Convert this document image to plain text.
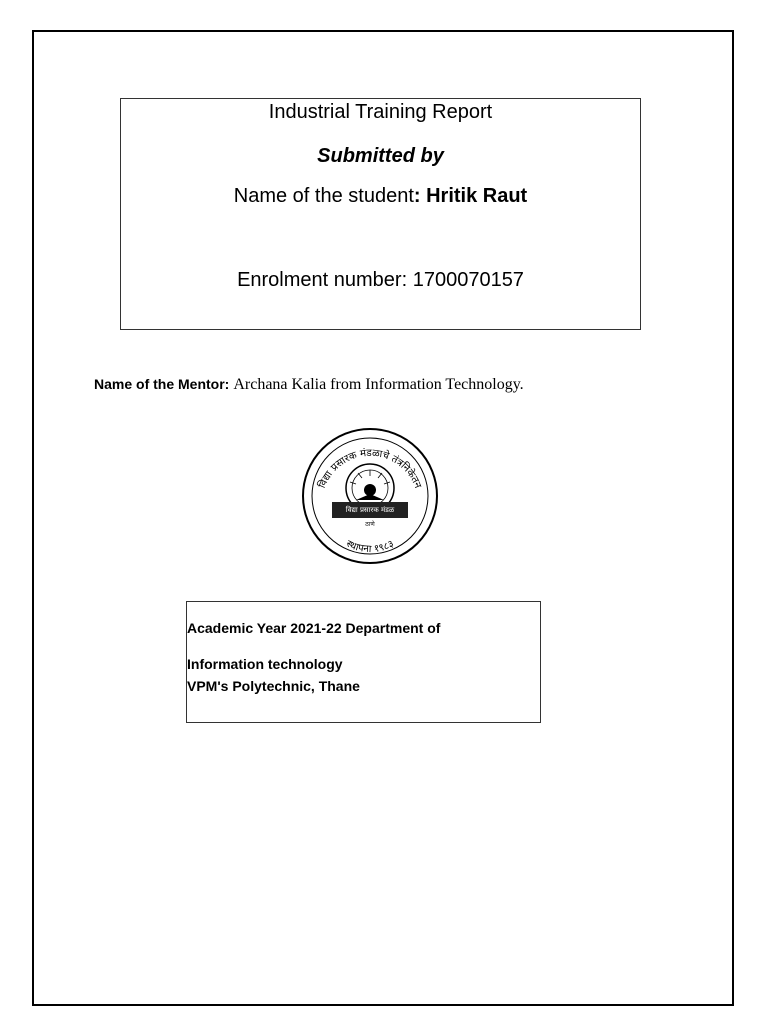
Industrial Training Report
Submitted by
Name of the student: Hritik Raut
Enrolment number: 1700070157
Name of the Mentor: Archana Kalia from Information Technology.
विद्या प्रसारक मंडळाचे तंत्रनिकेतन
स्थापना १९८३
विद्या प्रसारक मंडळ
ठाणे
Academic Year 2021-22 Department of
Information technology
VPM's Polytechnic, Thane
